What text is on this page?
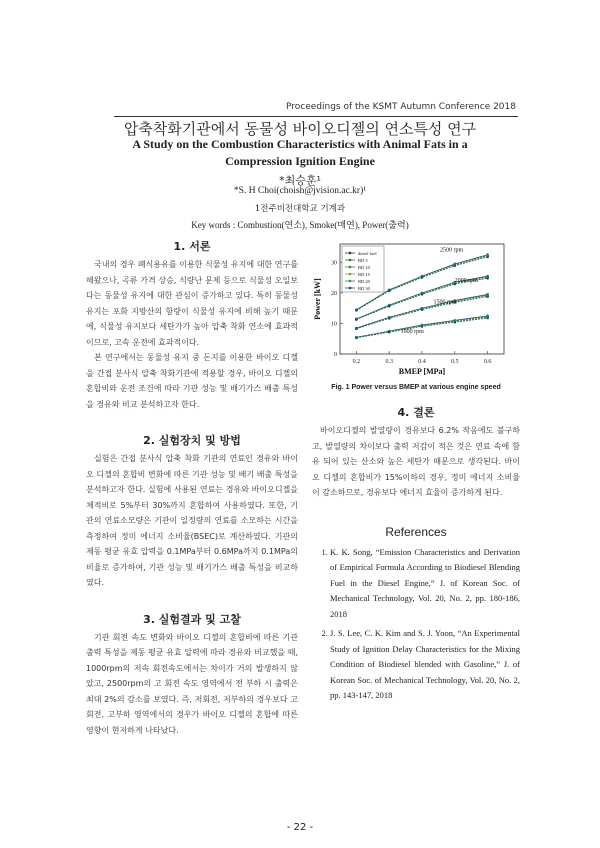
Proceedings of the KSMT Autumn Conference 2018
압축착화기관에서 동물성 바이오디젤의 연소특성 연구
A Study on the Combustion Characteristics with Animal Fats in a Compression Ignition Engine
*최승훈¹
*S. H Choi(choish@jvision.ac.kr)¹
1전주비전대학교 기계과
Key words : Combustion(연소), Smoke(매연), Power(출력)
1. 서론
국내의 경우 폐식용유를 이용한 식물성 유지에 대한 연구를 해왔으나, 곡류 가격 상승, 식량난 문제 등으로 식물성 오일보다는 동물성 유지에 대한 관심이 증가하고 있다. 특히 동물성 유지는 포화 지방산의 함량이 식물성 유지에 비해 높기 때문에, 식물성 유지보다 세탄가가 높아 압축 착화 연소에 효과적이므로, 고속 운전에 효과적이다.
본 연구에서는 동물성 유지 중 돈지를 이용한 바이오 디젤을 간접 분사식 압축 착화기관에 적용할 경우, 바이오 디젤의 혼합비와 운전 조건에 따라 기관 성능 및 배기가스 배출 특성을 경유와 비교 분석하고자 한다.
2. 실험장치 및 방법
실험은 간접 분사식 압축 착화 기관의 연료인 경유와 바이오 디젤의 혼합비 변화에 따른 기관 성능 및 배기 배출 특성을 분석하고자 한다. 실험에 사용된 연료는 경유와 바이오디젤을 체적비로 5%부터 30%까지 혼합하여 사용하였다. 또한, 기관의 연료소모량은 기관이 일정량의 연료를 소모하는 시간을 측정하여 정미 에너지 소비율(BSEC)로 계산하였다. 기관의 제동 평균 유효 압력을 0.1MPa부터 0.6MPa까지 0.1MPa의 비율로 증가하여, 기관 성능 및 배기가스 배출 특성을 비교하였다.
3. 실험결과 및 고찰
기관 회전 속도 변화와 바이오 디젤의 혼합비에 따른 기관 출력 특성을 제동 평균 유효 압력에 따라 경유와 비교했을 때, 1000rpm의 저속 회전속도에서는 차이가 거의 발생하지 않았고, 2500rpm의 고 회전 속도 영역에서 전 부하 시 출력은 최대 2%의 감소를 보였다. 즉, 저회전, 저부하의 경우보다 고회전, 고부하 영역에서의 경우가 바이오 디젤의 혼합에 따른 영향이 현저하게 나타났다.
0.2	0.3	0.4	0.5	0.6
0
10
20
30
BMEP [MPa]
Power [kW]
2500 rpm
2000 rpm
1500 rpm
1000 rpm
diesel fuel
BD 5
BD 10
BD 15
BD 20
BD 30
Fig. 1 Power versus BMEP at various engine speed
4. 결론
바이오디젤의 발열량이 경유보다 6.2% 작음에도 불구하고, 발열량의 차이보다 출력 저감이 적은 것은 연료 속에 함유 되어 있는 산소와 높은 세탄가 때문으로 생각된다. 바이오 디젤의 혼합비가 15%이하의 경우, 정미 에너지 소비율이 감소하므로, 경유보다 에너지 효율이 증가하게 된다.
References
1. K. K. Song, “Emission Characteristics and Derivation of Empirical Formula According to Biodiesel Blending Fuel in the Diesel Engine,” J. of Korean Soc. of Mechanical Technology, Vol. 20, No. 2, pp. 180-186, 2018
2. J. S. Lee, C. K. Kim and S. J. Yoon, “An Experimental Study of Ignition Delay Characteristics for the Mixing Condition of Biodiesel blended with Gasoline,” J. of Korean Soc. of Mechanical Technology, Vol. 20, No. 2, pp. 143-147, 2018
- 22 -
